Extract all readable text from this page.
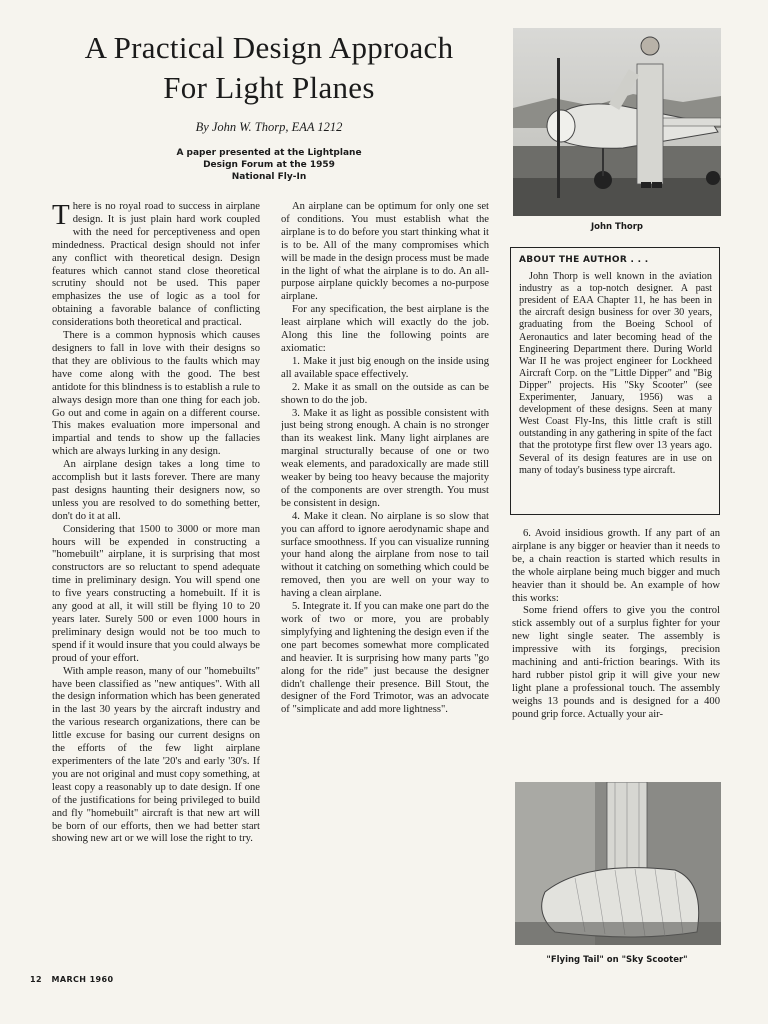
A Practical Design Approach
For Light Planes
By John W. Thorp, EAA 1212
A paper presented at the Lightplane
Design Forum at the 1959
National Fly-In

There is no royal road to success in airplane design. It is just plain hard work coupled with the need for perceptiveness and open mindedness. Practical design should not infer any conflict with theoretical design. Design features which cannot stand close theoretical scrutiny should not be used. This paper emphasizes the use of logic as a tool for obtaining a favorable balance of conflicting considerations both theoretical and practical.

There is a common hypnosis which causes designers to fall in love with their designs so that they are oblivious to the faults which may have come along with the good. The best antidote for this blindness is to establish a rule to always design more than one thing for each job. Go out and come in again on a different course. This makes evaluation more impersonal and impartial and tends to show up the fallacies which are always lurking in any design.

An airplane design takes a long time to accomplish but it lasts forever. There are many past designs haunting their designers now, so unless you are resolved to do something better, don't do it at all.

Considering that 1500 to 3000 or more man hours will be expended in constructing a "homebuilt" airplane, it is surprising that most constructors are so reluctant to spend adequate time in preliminary design. You will spend one to five years constructing a homebuilt. If it is any good at all, it will still be flying 10 to 20 years later. Surely 500 or even 1000 hours in preliminary design would not be too much to spend if it would insure that you could always be proud of your effort.

With ample reason, many of our "homebuilts" have been classified as "new antiques". With all the design information which has been generated in the last 30 years by the aircraft industry and the various research organizations, there can be little excuse for basing our current designs on the efforts of the few light airplane experimenters of the late '20's and early '30's. If you are not original and must copy something, at least copy a reasonably up to date design. If one of the justifications for being privileged to build and fly "homebuilt" aircraft is that new art will be born of our efforts, then we had better start showing new art or we will lose the right to try.

An airplane can be optimum for only one set of conditions. You must establish what the airplane is to do before you start thinking what it is to be. All of the many compromises which will be made in the design process must be made in the light of what the airplane is to do. An all-purpose airplane quickly becomes a no-purpose airplane.

For any specification, the best airplane is the least airplane which will exactly do the job. Along this line the following points are axiomatic:

1. Make it just big enough on the inside using all available space effectively.

2. Make it as small on the outside as can be shown to do the job.

3. Make it as light as possible consistent with just being strong enough. A chain is no stronger than its weakest link. Many light airplanes are marginal structurally because of one or two weak elements, and paradoxically are made still weaker by being too heavy because the majority of the components are over strength. You must be consistent in design.

4. Make it clean. No airplane is so slow that you can afford to ignore aerodynamic shape and surface smoothness. If you can visualize running your hand along the airplane from nose to tail without it catching on something which could be removed, then you are well on your way to having a clean airplane.

5. Integrate it. If you can make one part do the work of two or more, you are probably simplyfying and lightening the design even if the one part becomes somewhat more complicated and heavier. It is surprising how many parts "go along for the ride" just because the designer didn't challenge their presence. Bill Stout, the designer of the Ford Trimotor, was an advocate of "simplicate and add more lightness".

John Thorp
ABOUT THE AUTHOR . . .

John Thorp is well known in the aviation industry as a top-notch designer. A past president of EAA Chapter 11, he has been in the aircraft design business for over 30 years, graduating from the Boeing School of Aeronautics and later becoming head of the Engineering Department there. During World War II he was project engineer for Lockheed Aircraft Corp. on the "Little Dipper" and "Big Dipper" projects. His "Sky Scooter" (see Experimenter, January, 1956) was a development of these designs. Seen at many West Coast Fly-Ins, this little craft is still outstanding in any gathering in spite of the fact that the prototype first flew over 13 years ago. Several of its design features are in use on many of today's business type aircraft.

6. Avoid insidious growth. If any part of an airplane is any bigger or heavier than it needs to be, a chain reaction is started which results in the whole airplane being much bigger and much heavier than it should be. An example of how this works:

Some friend offers to give you the control stick assembly out of a surplus fighter for your new light single seater. The assembly is impressive with its forgings, precision machining and anti-friction bearings. With its hard rubber pistol grip it will give your new light plane a professional touch. The assembly weighs 13 pounds and is designed for a 400 pound grip force. Actually your air-

"Flying Tail" on "Sky Scooter"
12 MARCH 1960
